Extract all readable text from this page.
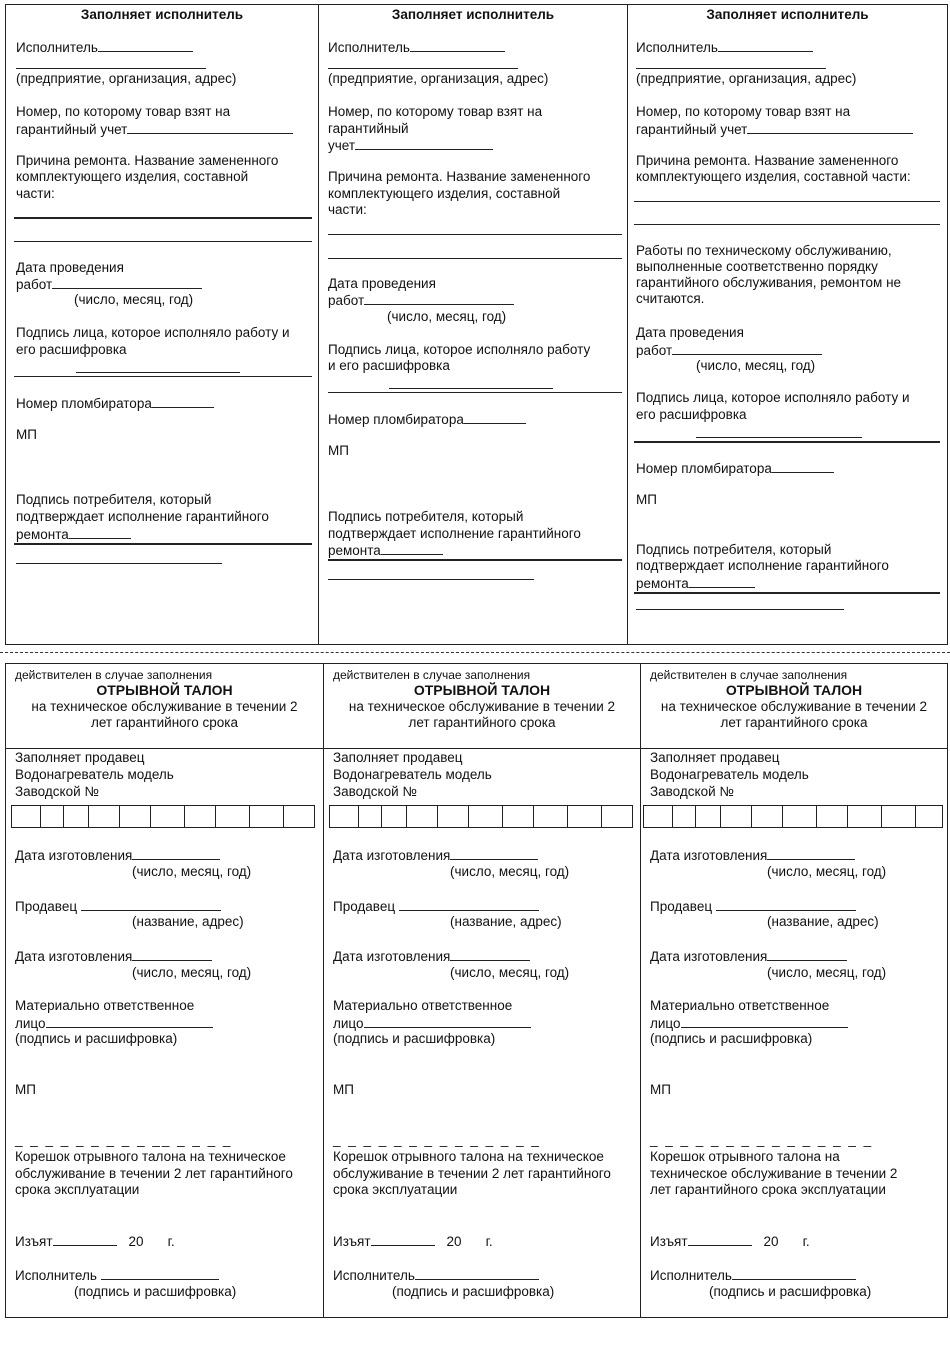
Заполняет исполнитель
Исполнитель
(предприятие, организация, адрес)
Номер, по которому товар взят на
гарантийный учет
Причина ремонта. Название замененного
комплектующего изделия, составной
части:
Дата проведения
работ
(число, месяц, год)
Подпись лица, которое исполняло работу и
его расшифровка
Номер пломбиратора
МП
Подпись потребителя, который
подтверждает исполнение гарантийного
ремонта
Заполняет исполнитель
Исполнитель
(предприятие, организация, адрес)
Номер, по которому товар взят на
гарантийный
учет
Причина ремонта. Название замененного
комплектующего изделия, составной
части:
Дата проведения
работ
(число, месяц, год)
Подпись лица, которое исполняло работу
и его расшифровка
Номер пломбиратора
МП
Подпись потребителя, который
подтверждает исполнение гарантийного
ремонта
Заполняет исполнитель
Исполнитель
(предприятие, организация, адрес)
Номер, по которому товар взят на
гарантийный учет
Причина ремонта. Название замененного
комплектующего изделия, составной части:
Работы по техническому обслуживанию,
выполненные соответственно порядку
гарантийного обслуживания, ремонтом не
считаются.
Дата проведения
работ
(число, месяц, год)
Подпись лица, которое исполняло работу и
его расшифровка
Номер пломбиратора
МП
Подпись потребителя, который
подтверждает исполнение гарантийного
ремонта
действителен в случае заполнения
ОТРЫВНОЙ ТАЛОН
на техническое обслуживание в течении 2
лет гарантийного срока
Заполняет продавец
Водонагреватель модель
Заводской №
Дата изготовления
(число, месяц, год)
Продавец
(название, адрес)
Дата изготовления
(число, месяц, год)
Материально ответственное
лицо
(подпись и расшифровка)
МП
_ _ _ _ _ _ _ _ _ __ _ _ _ _
Корешок отрывного талона на техническое
обслуживание в течении 2 лет гарантийного
срока эксплуатации
Изъят	20 г.
Исполнитель
(подпись и расшифровка)
действителен в случае заполнения
ОТРЫВНОЙ ТАЛОН
на техническое обслуживание в течении 2
лет гарантийного срока
Заполняет продавец
Водонагреватель модель
Заводской №
Дата изготовления
(число, месяц, год)
Продавец
(название, адрес)
Дата изготовления
(число, месяц, год)
Материально ответственное
лицо
(подпись и расшифровка)
МП
_ _ _ _ _ _ _ _ _ _ _ _ _ _
Корешок отрывного талона на техническое
обслуживание в течении 2 лет гарантийного
срока эксплуатации
Изъят	20 г.
Исполнитель
(подпись и расшифровка)
действителен в случае заполнения
ОТРЫВНОЙ ТАЛОН
на техническое обслуживание в течении 2
лет гарантийного срока
Заполняет продавец
Водонагреватель модель
Заводской №
Дата изготовления
(число, месяц, год)
Продавец
(название, адрес)
Дата изготовления
(число, месяц, год)
Материально ответственное
лицо
(подпись и расшифровка)
МП
_ _ _ _ _ _ _ _ _ _ _ _ _ _ _
Корешок отрывного талона на
техническое обслуживание в течении 2
лет гарантийного срока эксплуатации
Изъят	20 г.
Исполнитель
(подпись и расшифровка)
